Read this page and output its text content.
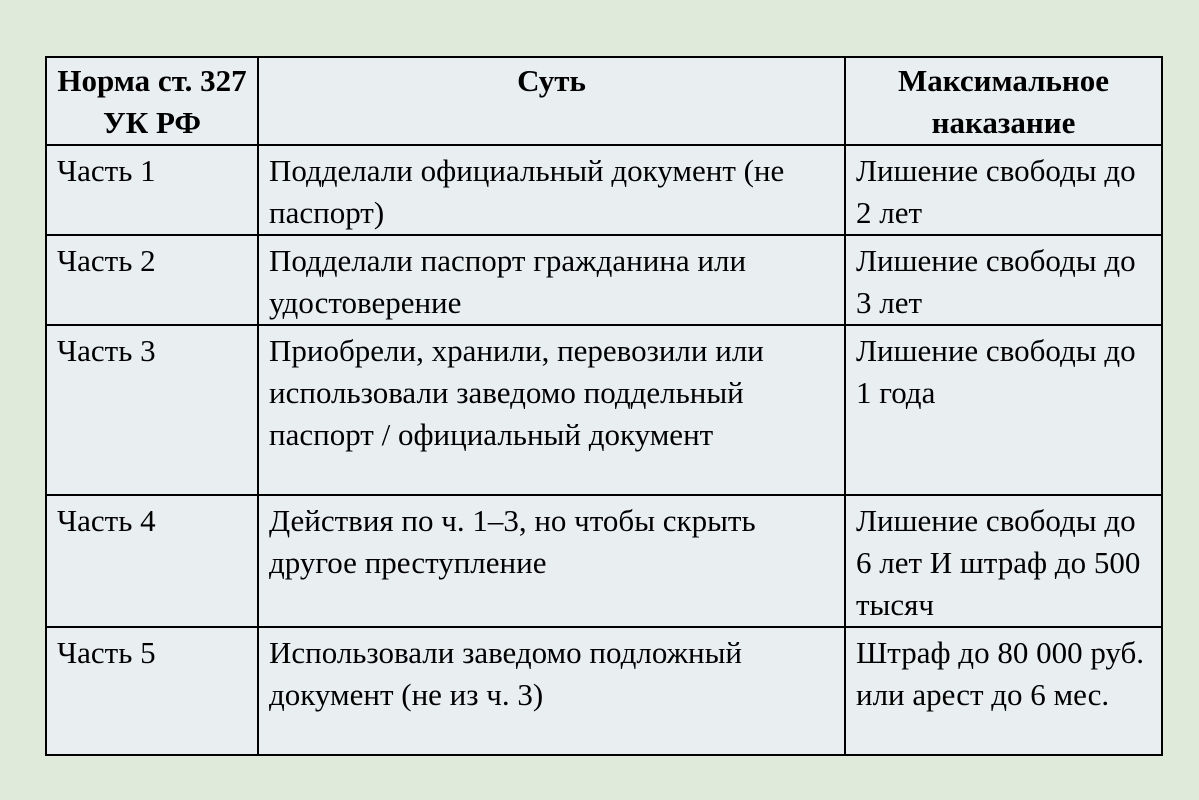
Норма ст. 327 УК РФ	Суть	Максимальное наказание
Часть 1	Подделали официальный документ (не паспорт)	Лишение свободы до 2 лет
Часть 2	Подделали паспорт гражданина или удостоверение	Лишение свободы до 3 лет
Часть 3	Приобрели, хранили, перевозили или использовали заведомо поддельный паспорт / официальный документ	Лишение свободы до 1 года
Часть 4	Действия по ч. 1–3, но чтобы скрыть другое преступление	Лишение свободы до 6 лет И штраф до 500 тысяч
Часть 5	Использовали заведомо подложный документ (не из ч. 3)	Штраф до 80 000 руб. или арест до 6 мес.
